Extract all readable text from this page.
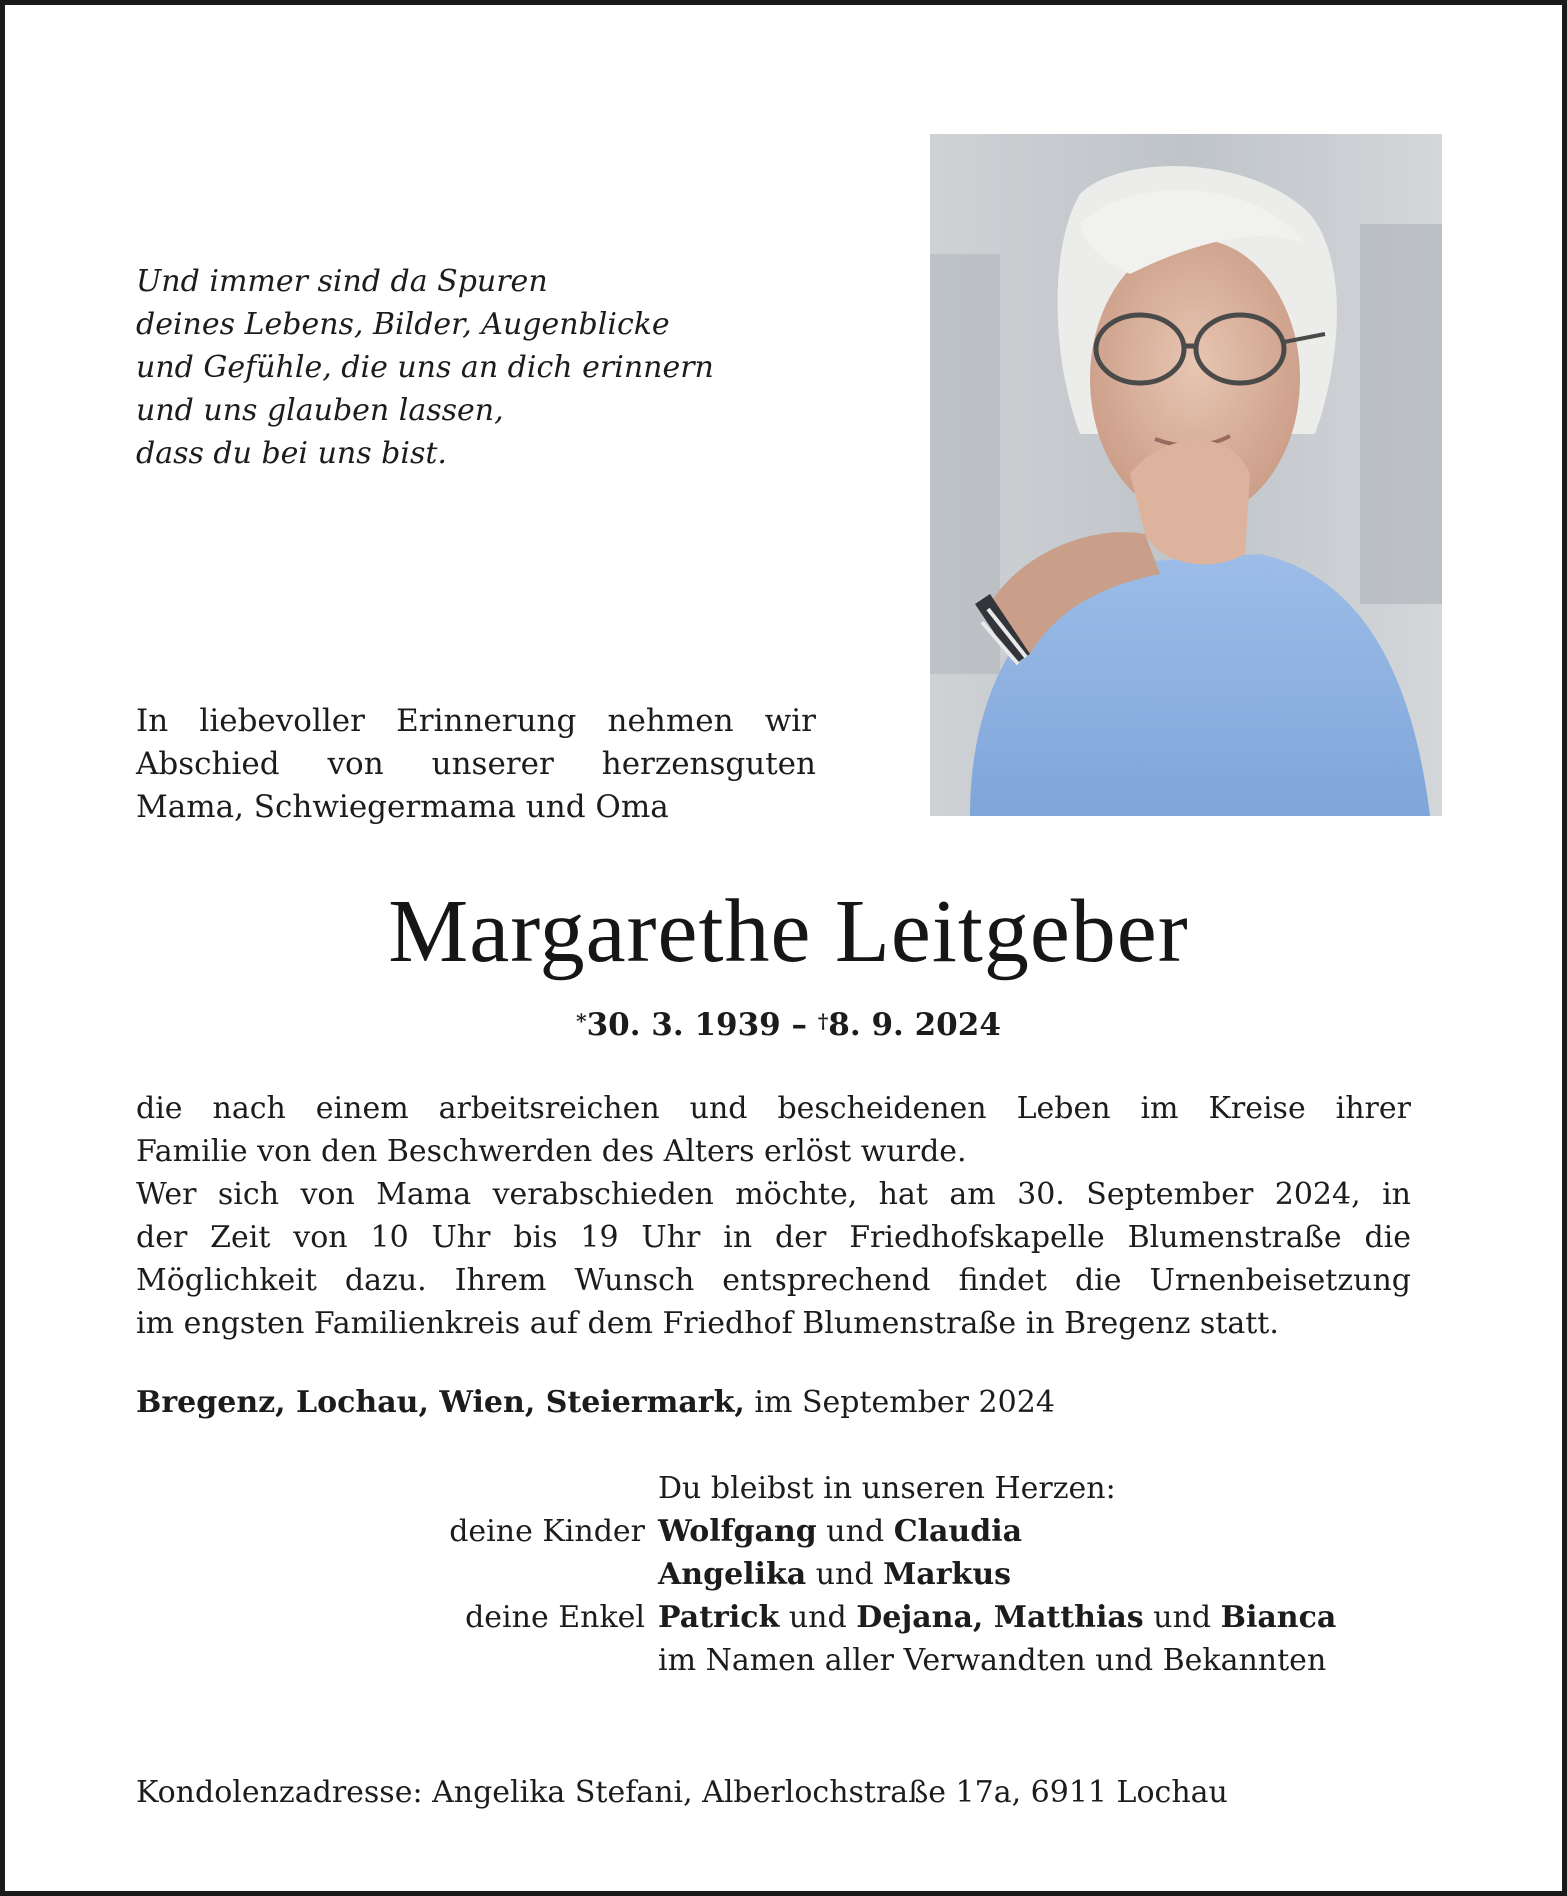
Und immer sind da Spuren
deines Lebens, Bilder, Augenblicke
und Gefühle, die uns an dich erinnern
und uns glauben lassen,
dass du bei uns bist.
In liebevoller Erinnerung nehmen wir
Abschied von unserer herzensguten
Mama, Schwiegermama und Oma
Margarethe Leitgeber
*30. 3. 1939 – †8. 9. 2024
die nach einem arbeitsreichen und bescheidenen Leben im Kreise ihrer
Familie von den Beschwerden des Alters erlöst wurde.
Wer sich von Mama verabschieden möchte, hat am 30. September 2024, in
der Zeit von 10 Uhr bis 19 Uhr in der Friedhofskapelle Blumenstraße die
Möglichkeit dazu. Ihrem Wunsch entsprechend findet die Urnenbeisetzung
im engsten Familienkreis auf dem Friedhof Blumenstraße in Bregenz statt.
Bregenz, Lochau, Wien, Steiermark, im September 2024
Du bleibst in unseren Herzen:
deine Kinder Wolfgang und Claudia
Angelika und Markus
deine Enkel Patrick und Dejana, Matthias und Bianca
im Namen aller Verwandten und Bekannten
Kondolenzadresse: Angelika Stefani, Alberlochstraße 17a, 6911 Lochau
